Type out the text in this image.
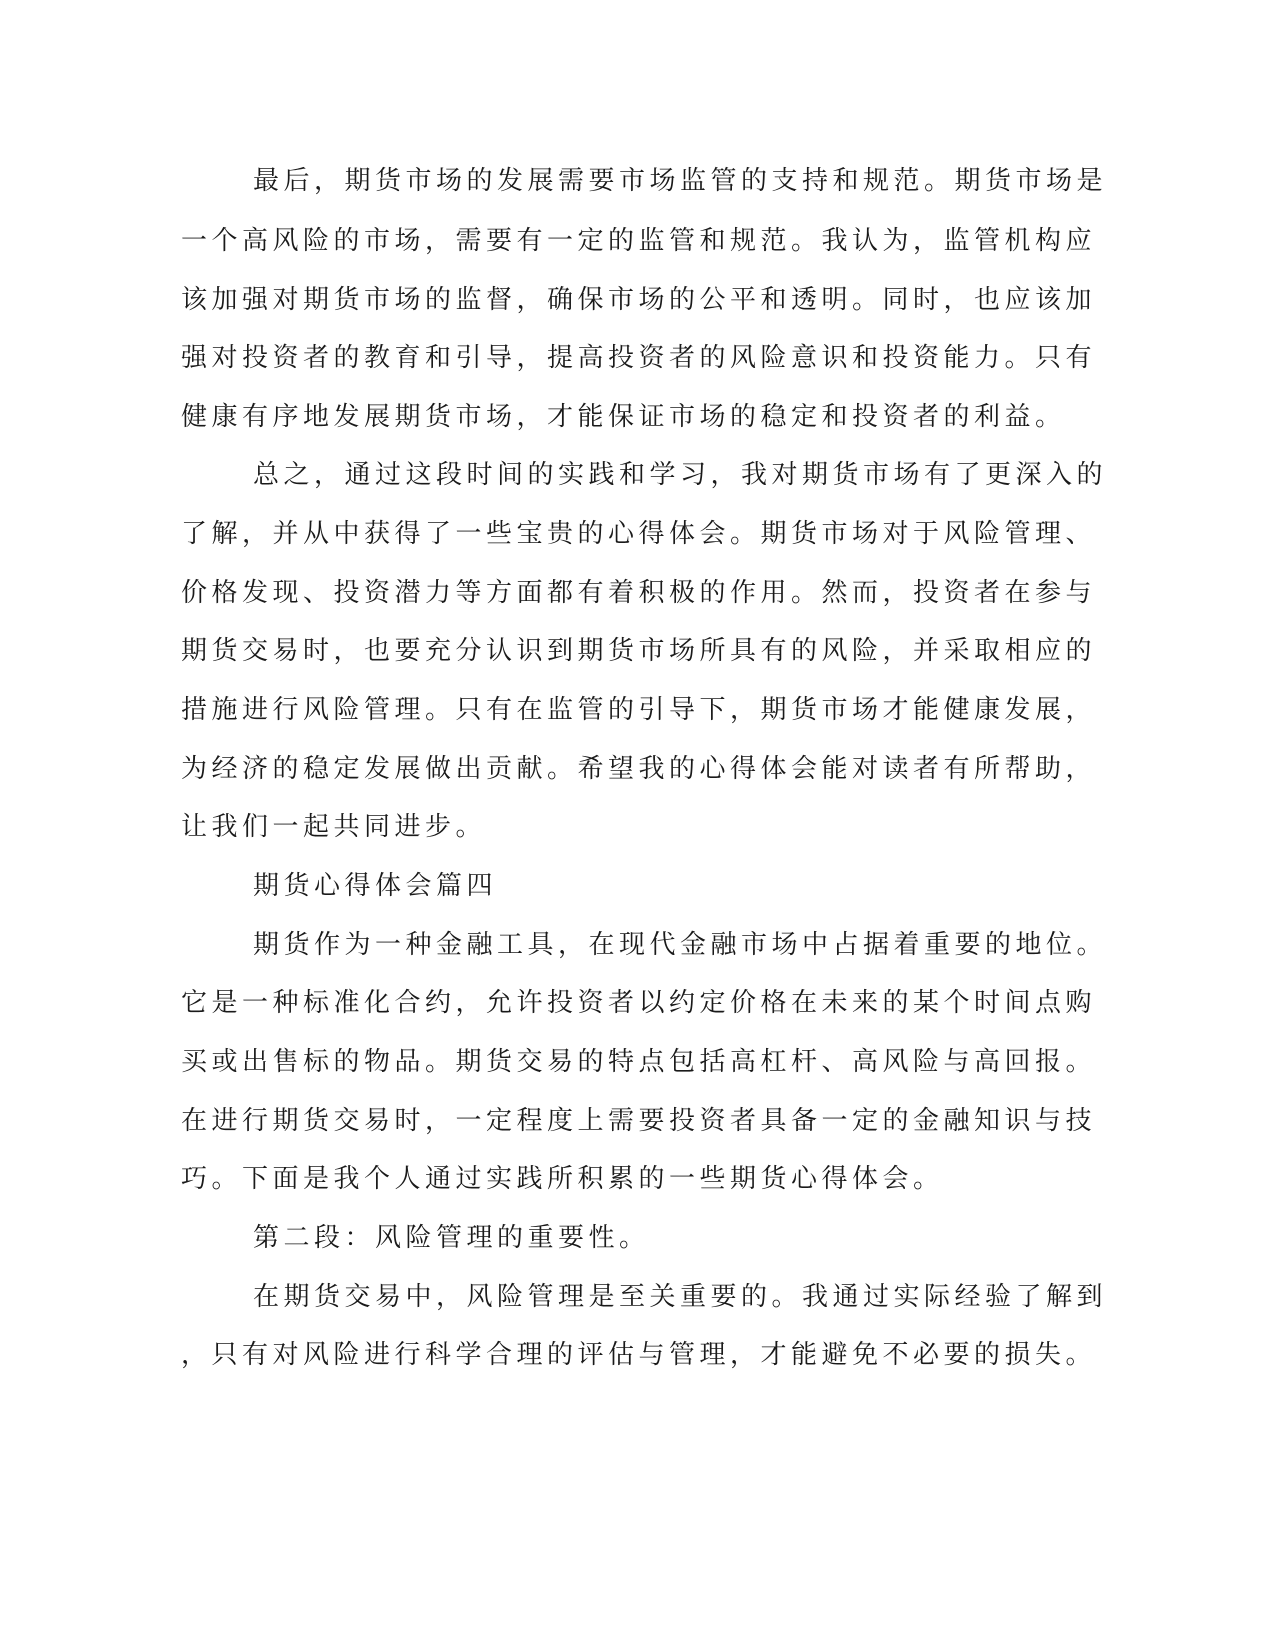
最后，期货市场的发展需要市场监管的支持和规范。期货市场是
一个高风险的市场，需要有一定的监管和规范。我认为，监管机构应
该加强对期货市场的监督，确保市场的公平和透明。同时，也应该加
强对投资者的教育和引导，提高投资者的风险意识和投资能力。只有
健康有序地发展期货市场，才能保证市场的稳定和投资者的利益。
总之，通过这段时间的实践和学习，我对期货市场有了更深入的
了解，并从中获得了一些宝贵的心得体会。期货市场对于风险管理、
价格发现、投资潜力等方面都有着积极的作用。然而，投资者在参与
期货交易时，也要充分认识到期货市场所具有的风险，并采取相应的
措施进行风险管理。只有在监管的引导下，期货市场才能健康发展，
为经济的稳定发展做出贡献。希望我的心得体会能对读者有所帮助，
让我们一起共同进步。
期货心得体会篇四
期货作为一种金融工具，在现代金融市场中占据着重要的地位。
它是一种标准化合约，允许投资者以约定价格在未来的某个时间点购
买或出售标的物品。期货交易的特点包括高杠杆、高风险与高回报。
在进行期货交易时，一定程度上需要投资者具备一定的金融知识与技
巧。下面是我个人通过实践所积累的一些期货心得体会。
第二段：风险管理的重要性。
在期货交易中，风险管理是至关重要的。我通过实际经验了解到
，只有对风险进行科学合理的评估与管理，才能避免不必要的损失。
